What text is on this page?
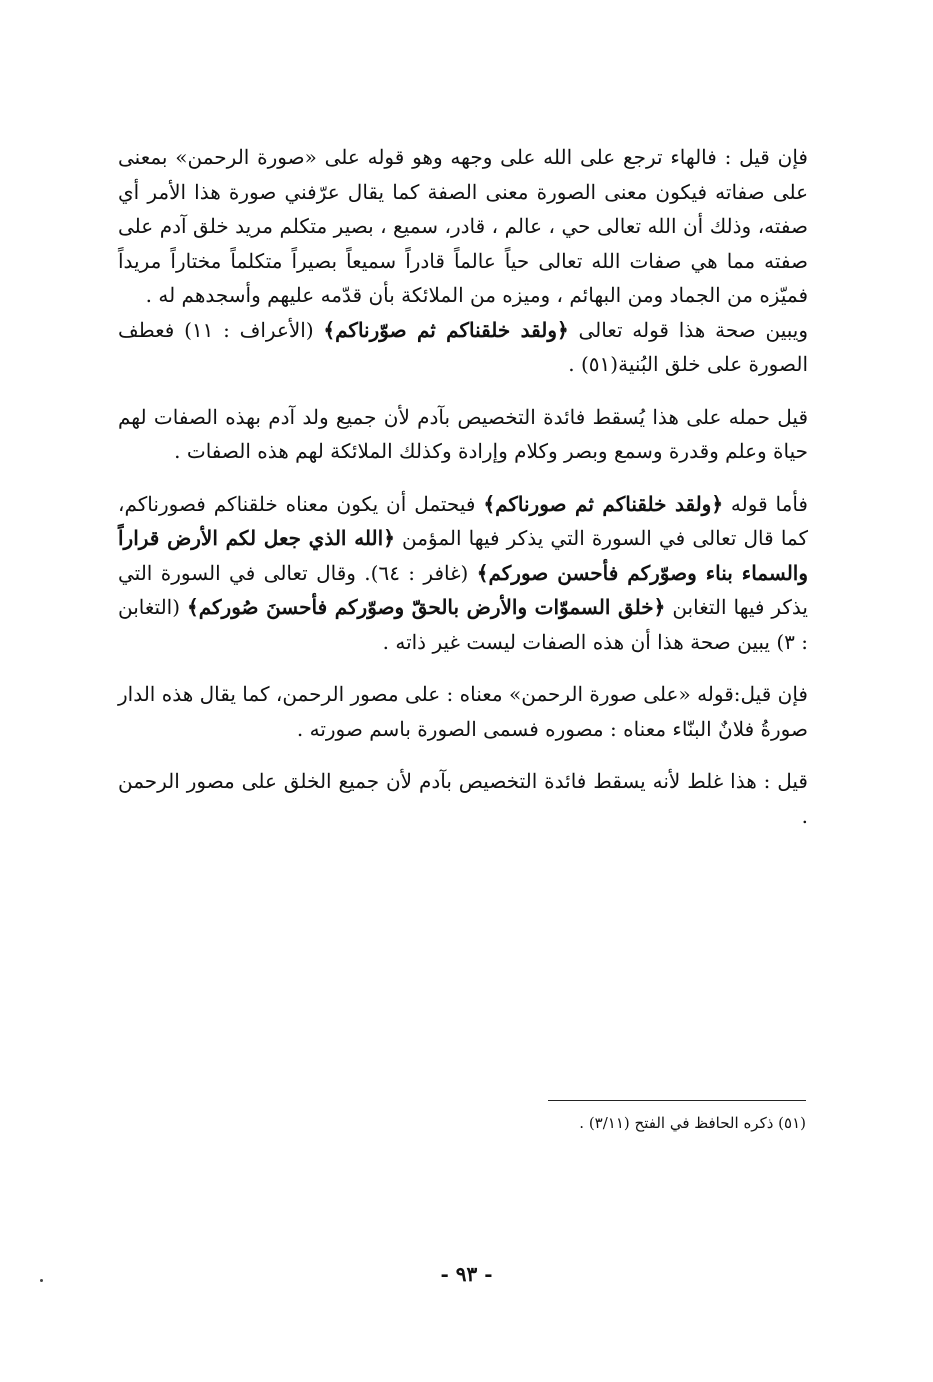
فإن قيل : فالهاء ترجع على الله على وجهه وهو قوله على «صورة الرحمن» بمعنى على صفاته فيكون معنى الصورة معنى الصفة كما يقال عرّفني صورة هذا الأمر أي صفته، وذلك أن الله تعالى حي ، عالم ، قادر، سميع ، بصير متكلم مريد خلق آدم على صفته مما هي صفات الله تعالى حياً عالماً قادراً سميعاً بصيراً متكلماً مختاراً مريداً فميّزه من الجماد ومن البهائم ، وميزه من الملائكة بأن قدّمه عليهم وأسجدهم له .

ويبين صحة هذا قوله تعالى ﴿ولقد خلقناكم ثم صوّرناكم﴾ (الأعراف : ١١) فعطف الصورة على خلق البُنية(٥١) .

قيل حمله على هذا يُسقط فائدة التخصيص بآدم لأن جميع ولد آدم بهذه الصفات لهم حياة وعلم وقدرة وسمع وبصر وكلام وإرادة وكذلك الملائكة لهم هذه الصفات .

فأما قوله ﴿ولقد خلقناكم ثم صورناكم﴾ فيحتمل أن يكون معناه خلقناكم فصورناكم، كما قال تعالى في السورة التي يذكر فيها المؤمن ﴿الله الذي جعل لكم الأرض قراراً والسماء بناء وصوّركم فأحسن صوركم﴾ (غافر : ٦٤). وقال تعالى في السورة التي يذكر فيها التغابن ﴿خلق السموّات والأرض بالحقّ وصوّركم فأحسنَ صُوركم﴾ (التغابن : ٣) يبين صحة هذا أن هذه الصفات ليست غير ذاته .

فإن قيل:قوله «على صورة الرحمن» معناه : على مصور الرحمن، كما يقال هذه الدار صورةُ فلانٌ البنّاء معناه : مصوره فسمى الصورة باسم صورته .

قيل : هذا غلط لأنه يسقط فائدة التخصيص بآدم لأن جميع الخلق على مصور الرحمن .

(٥١) ذكره الحافظ في الفتح (٣/١١) .
- ٩٣ -
